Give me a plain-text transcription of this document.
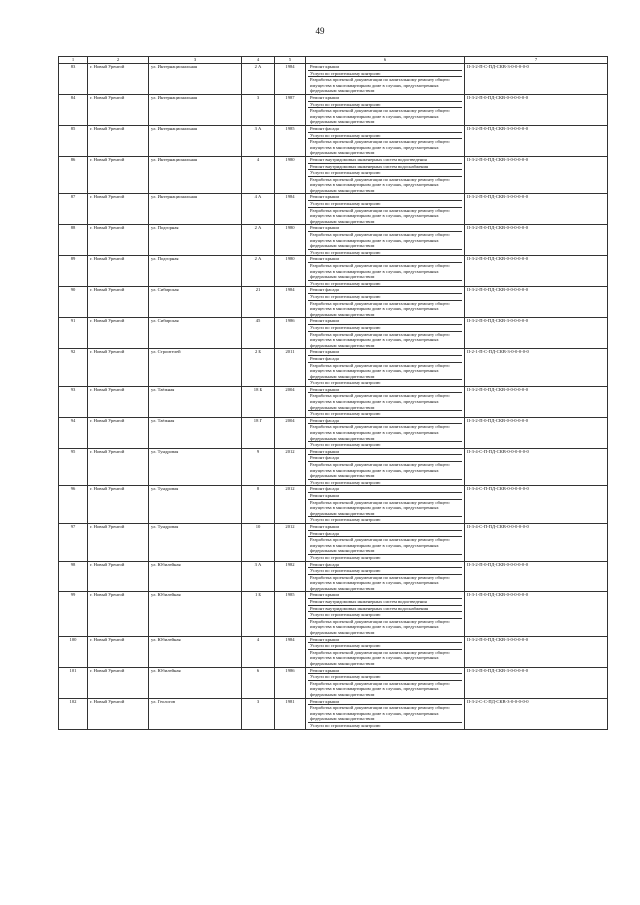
49
1	2	3	4	5	6	7
83	г. Новый Уренгой	ул. Интернациональная	2 А	1984	Ремонт крыши
Услуги по строительному контролю
Разработка проектной документации по капитальному ремонту общего имущества в многоквартирном доме в случаях, предусмотренных федеральным законодательством	II-3-2-П-С-ПД-СКВ-3-0-0-0-0-0
84	г. Новый Уренгой	ул. Интернациональная	3	1987	Ремонт крыши
Услуги по строительному контролю
Разработка проектной документации по капитальному ремонту общего имущества в многоквартирном доме в случаях, предусмотренных федеральным законодательством	II-3-2-П-0-ПД-СКВ-0-0-0-0-0-0
85	г. Новый Уренгой	ул. Интернациональная	3 А	1985	Ремонт фасада
Услуги по строительному контролю
Разработка проектной документации по капитальному ремонту общего имущества в многоквартирном доме в случаях, предусмотренных федеральным законодательством	II-3-2-П-0-ПД-СКВ-3-0-0-0-0-0
86	г. Новый Уренгой	ул. Интернациональная	4	1980	Ремонт внутридомовых инженерных систем водоотведения
Ремонт внутридомовых инженерных систем водоснабжения
Услуги по строительному контролю
Разработка проектной документации по капитальному ремонту общего имущества в многоквартирном доме в случаях, предусмотренных федеральным законодательством	II-3-2-П-0-ПД-СКВ-3-0-0-0-0-0
87	г. Новый Уренгой	ул. Интернациональная	4 А	1984	Ремонт крыши
Услуги по строительному контролю
Разработка проектной документации по капитальному ремонту общего имущества в многоквартирном доме в случаях, предусмотренных федеральным законодательством	II-3-2-П-0-ПД-СКВ-3-0-0-0-0-0
88	г. Новый Уренгой	ул. Подгорная	2 А	1980	Ремонт крыши
Разработка проектной документации по капитальному ремонту общего имущества в многоквартирном доме в случаях, предусмотренных федеральным законодательством
Услуги по строительному контролю	II-3-2-П-0-ПД-СКВ-0-0-0-0-0-0
89	г. Новый Уренгой	ул. Подгорная	2 А	1980	Ремонт крыши
Разработка проектной документации по капитальному ремонту общего имущества в многоквартирном доме в случаях, предусмотренных федеральным законодательством
Услуги по строительному контролю	II-3-2-П-0-ПД-СКВ-0-0-0-0-0-0
90	г. Новый Уренгой	ул. Сибирская	21	1984	Ремонт фасада
Услуги по строительному контролю
Разработка проектной документации по капитальному ремонту общего имущества в многоквартирном доме в случаях, предусмотренных федеральным законодательством	II-3-2-П-0-ПД-СКВ-0-0-0-0-0-0
91	г. Новый Уренгой	ул. Сибирская	45	1986	Ремонт крыши
Услуги по строительному контролю
Разработка проектной документации по капитальному ремонту общего имущества в многоквартирном доме в случаях, предусмотренных федеральным законодательством	II-3-2-П-0-ПД-СКВ-3-0-0-0-0-0
92	г. Новый Уренгой	ул. Строителей	2 Б	2011	Ремонт крыши
Ремонт фасада
Разработка проектной документации по капитальному ремонту общего имущества в многоквартирном доме в случаях, предусмотренных федеральным законодательством
Услуги по строительному контролю	II-2-1-П-С-ПД-СКВ-3-0-0-0-0-0
93	г. Новый Уренгой	ул. Таёжная	18 Б	2004	Ремонт крыши
Разработка проектной документации по капитальному ремонту общего имущества в многоквартирном доме в случаях, предусмотренных федеральным законодательством
Услуги по строительному контролю	II-3-2-П-0-ПД-СКВ-0-0-0-0-0-0
94	г. Новый Уренгой	ул. Таёжная	18 Г	2004	Ремонт фасада
Разработка проектной документации по капитальному ремонту общего имущества в многоквартирном доме в случаях, предусмотренных федеральным законодательством
Услуги по строительному контролю	II-3-2-П-0-ПД-СКВ-0-0-0-0-0-0
95	г. Новый Уренгой	ул. Тундровая	9	2012	Ремонт крыши
Ремонт фасада
Разработка проектной документации по капитальному ремонту общего имущества в многоквартирном доме в случаях, предусмотренных федеральным законодательством
Услуги по строительному контролю	II-3-4-С-П-ПД-СКВ-0-0-0-0-0-0
96	г. Новый Уренгой	ул. Тундровая	8	2012	Ремонт фасада
Ремонт крыши
Разработка проектной документации по капитальному ремонту общего имущества в многоквартирном доме в случаях, предусмотренных федеральным законодательством
Услуги по строительному контролю	II-3-4-С-П-ПД-СКВ-0-0-0-0-0-0
97	г. Новый Уренгой	ул. Тундровая	10	2012	Ремонт крыши
Ремонт фасада
Разработка проектной документации по капитальному ремонту общего имущества в многоквартирном доме в случаях, предусмотренных федеральным законодательством
Услуги по строительному контролю	II-3-4-С-П-ПД-СКВ-0-0-0-0-0-0
98	г. Новый Уренгой	ул. Юбилейная	3 А	1982	Ремонт фасада
Услуги по строительному контролю
Разработка проектной документации по капитальному ремонту общего имущества в многоквартирном доме в случаях, предусмотренных федеральным законодательством	II-3-2-П-0-ПД-СКВ-0-0-0-0-0-0
99	г. Новый Уренгой	ул. Юбилейная	1 Б	1985	Ремонт крыши
Ремонт внутридомовых инженерных систем водоотведения
Ремонт внутридомовых инженерных систем водоснабжения
Услуги по строительному контролю
Разработка проектной документации по капитальному ремонту общего имущества в многоквартирном доме в случаях, предусмотренных федеральным законодательством	II-3-1-П-0-ПД-СКВ-0-0-0-0-0-0
100	г. Новый Уренгой	ул. Юбилейная	4	1984	Ремонт крыши
Услуги по строительному контролю
Разработка проектной документации по капитальному ремонту общего имущества в многоквартирном доме в случаях, предусмотренных федеральным законодательством	II-3-2-П-0-ПД-СКВ-3-0-0-0-0-0
101	г. Новый Уренгой	ул. Юбилейная	6	1986	Ремонт крыши
Услуги по строительному контролю
Разработка проектной документации по капитальному ремонту общего имущества в многоквартирном доме в случаях, предусмотренных федеральным законодательством	II-3-2-П-0-ПД-СКВ-3-0-0-0-0-0
102	г. Новый Уренгой	ул. Геологов	3	1981	Ремонт крыши
Разработка проектной документации по капитальному ремонту общего имущества в многоквартирном доме в случаях, предусмотренных федеральным законодательством
Услуги по строительному контролю	II-3-2-С-С-ПД-СКВ-3-0-0-0-0-0
